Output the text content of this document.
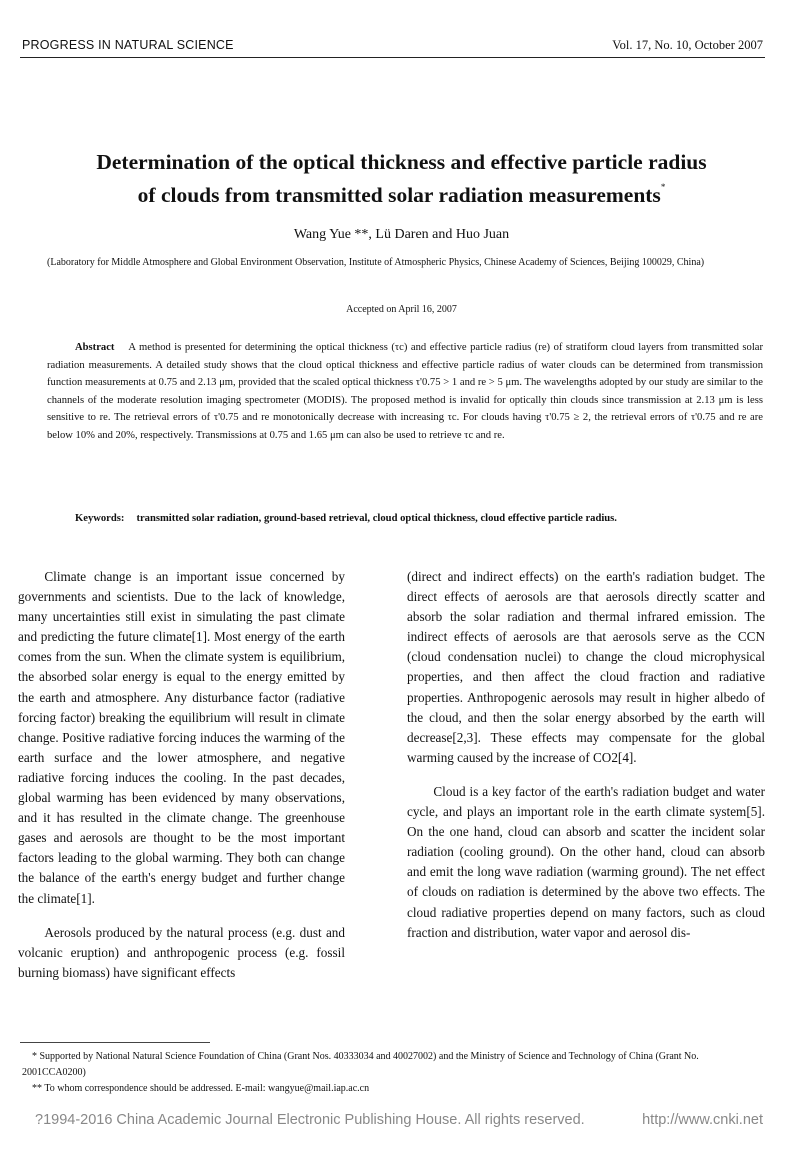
PROGRESS IN NATURAL SCIENCE	Vol. 17, No. 10, October 2007
Determination of the optical thickness and effective particle radius
of clouds from transmitted solar radiation measurements*
Wang Yue **, Lü Daren and Huo Juan
(Laboratory for Middle Atmosphere and Global Environment Observation, Institute of Atmospheric Physics, Chinese Academy of Sciences, Beijing 100029, China)
Accepted on April 16, 2007
Abstract A method is presented for determining the optical thickness (τc) and effective particle radius (re) of stratiform cloud layers from transmitted solar radiation measurements. A detailed study shows that the cloud optical thickness and effective particle radius of water clouds can be determined from transmission function measurements at 0.75 and 2.13 μm, provided that the scaled optical thickness τ'0.75 > 1 and re > 5 μm. The wavelengths adopted by our study are similar to the channels of the moderate resolution imaging spectrometer (MODIS). The proposed method is invalid for optically thin clouds since transmission at 2.13 μm is less sensitive to re. The retrieval errors of τ'0.75 and re monotonically decrease with increasing τc. For clouds having τ'0.75 ≥ 2, the retrieval errors of τ'0.75 and re are below 10% and 20%, respectively. Transmissions at 0.75 and 1.65 μm can also be used to retrieve τc and re.
Keywords: transmitted solar radiation, ground-based retrieval, cloud optical thickness, cloud effective particle radius.

Climate change is an important issue concerned by governments and scientists. Due to the lack of knowledge, many uncertainties still exist in simulating the past climate and predicting the future climate[1]. Most energy of the earth comes from the sun. When the climate system is equilibrium, the absorbed solar energy is equal to the energy emitted by the earth and atmosphere. Any disturbance factor (radiative forcing factor) breaking the equilibrium will result in climate change. Positive radiative forcing induces the warming of the earth surface and the lower atmosphere, and negative radiative forcing induces the cooling. In the past decades, global warming has been evidenced by many observations, and it has resulted in the climate change. The greenhouse gases and aerosols are thought to be the most important factors leading to the global warming. They both can change the balance of the earth's energy budget and further change the climate[1].

Aerosols produced by the natural process (e.g. dust and volcanic eruption) and anthropogenic process (e.g. fossil burning biomass) have significant effects

(direct and indirect effects) on the earth's radiation budget. The direct effects of aerosols are that aerosols directly scatter and absorb the solar radiation and thermal infrared emission. The indirect effects of aerosols are that aerosols serve as the CCN (cloud condensation nuclei) to change the cloud microphysical properties, and then affect the cloud fraction and radiative properties. Anthropogenic aerosols may result in higher albedo of the cloud, and then the solar energy absorbed by the earth will decrease[2,3]. These effects may compensate for the global warming caused by the increase of CO2[4].

Cloud is a key factor of the earth's radiation budget and water cycle, and plays an important role in the earth climate system[5]. On the one hand, cloud can absorb and scatter the incident solar radiation (cooling ground). On the other hand, cloud can absorb and emit the long wave radiation (warming ground). The net effect of clouds on radiation is determined by the above two effects. The cloud radiative properties depend on many factors, such as cloud fraction and distribution, water vapor and aerosol dis-

* Supported by National Natural Science Foundation of China (Grant Nos. 40333034 and 40027002) and the Ministry of Science and Technology of China (Grant No. 2001CCA0200)

** To whom correspondence should be addressed. E-mail: wangyue@mail.iap.ac.cn

?1994-2016 China Academic Journal Electronic Publishing House. All rights reserved.	http://www.cnki.net
